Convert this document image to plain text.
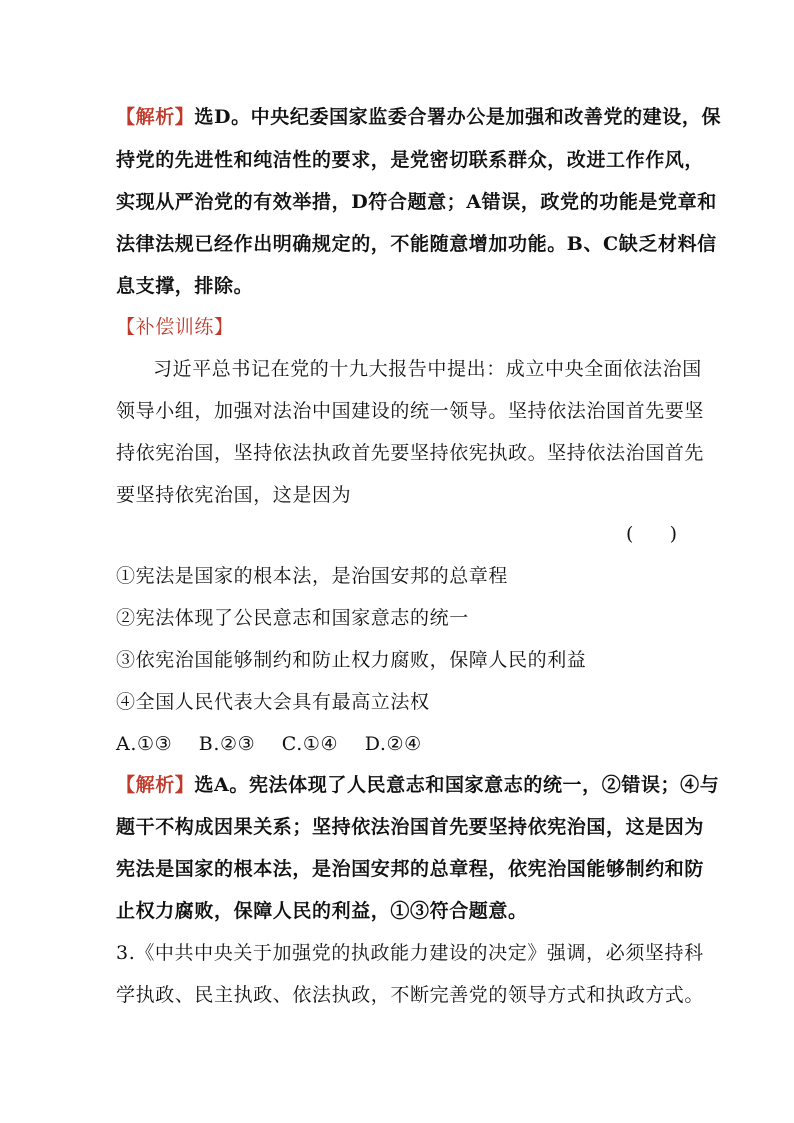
【解析】选D。中央纪委国家监委合署办公是加强和改善党的建设，保
持党的先进性和纯洁性的要求，是党密切联系群众，改进工作作风，
实现从严治党的有效举措，D符合题意；A错误，政党的功能是党章和
法律法规已经作出明确规定的，不能随意增加功能。B、C缺乏材料信
息支撑，排除。
【补偿训练】
习近平总书记在党的十九大报告中提出：成立中央全面依法治国
领导小组，加强对法治中国建设的统一领导。坚持依法治国首先要坚
持依宪治国，坚持依法执政首先要坚持依宪执政。坚持依法治国首先
要坚持依宪治国，这是因为
(      )
①宪法是国家的根本法，是治国安邦的总章程
②宪法体现了公民意志和国家意志的统一
③依宪治国能够制约和防止权力腐败，保障人民的利益
④全国人民代表大会具有最高立法权
A.①③    B.②③    C.①④    D.②④
【解析】选A。宪法体现了人民意志和国家意志的统一，②错误；④与
题干不构成因果关系；坚持依法治国首先要坚持依宪治国，这是因为
宪法是国家的根本法，是治国安邦的总章程，依宪治国能够制约和防
止权力腐败，保障人民的利益，①③符合题意。
3.《中共中央关于加强党的执政能力建设的决定》强调，必须坚持科
学执政、民主执政、依法执政，不断完善党的领导方式和执政方式。
